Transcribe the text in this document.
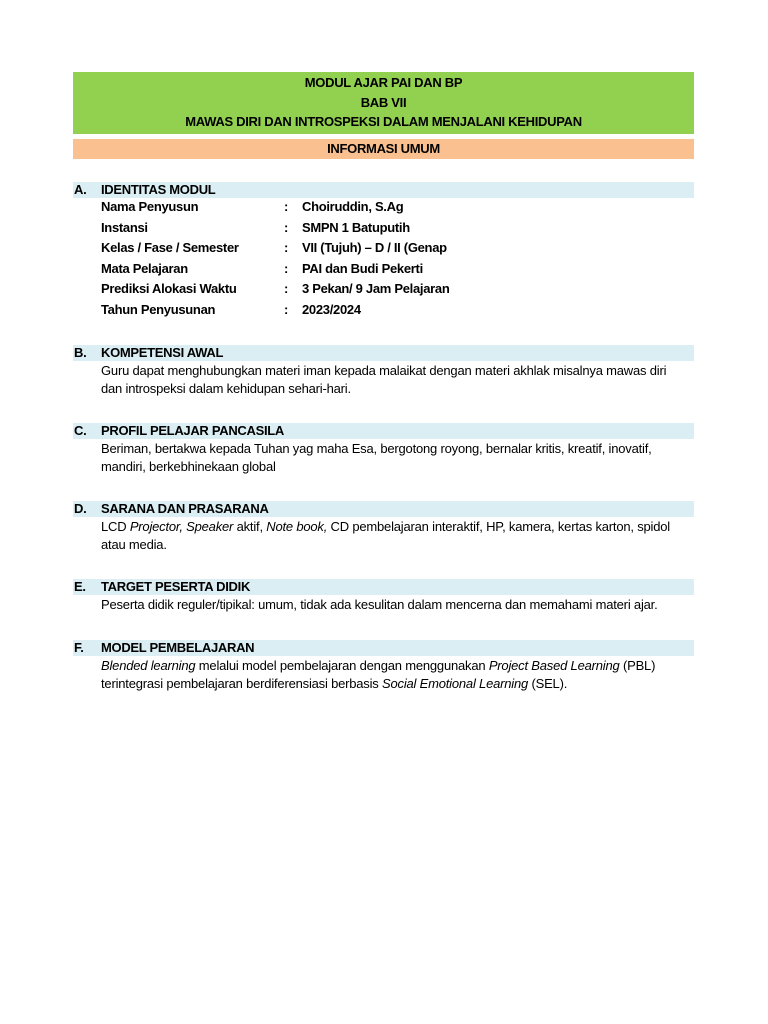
MODUL AJAR PAI DAN BP
BAB VII
MAWAS DIRI DAN INTROSPEKSI DALAM MENJALANI KEHIDUPAN
INFORMASI UMUM
A. IDENTITAS MODUL
Nama Penyusun	: Choiruddin, S.Ag
Instansi	: SMPN 1 Batuputih
Kelas / Fase / Semester	: VII (Tujuh) – D / II (Genap
Mata Pelajaran	: PAI dan Budi Pekerti
Prediksi Alokasi Waktu	: 3 Pekan/ 9 Jam Pelajaran
Tahun Penyusunan	: 2023/2024
B. KOMPETENSI AWAL
Guru dapat menghubungkan materi iman kepada malaikat dengan materi akhlak misalnya mawas diri
dan introspeksi dalam kehidupan sehari-hari.
C. PROFIL PELAJAR PANCASILA
Beriman, bertakwa kepada Tuhan yag maha Esa, bergotong royong, bernalar kritis, kreatif, inovatif,
mandiri, berkebhinekaan global
D. SARANA DAN PRASARANA
LCD Projector, Speaker aktif, Note book, CD pembelajaran interaktif, HP, kamera, kertas karton, spidol
atau media.
E. TARGET PESERTA DIDIK
Peserta didik reguler/tipikal: umum, tidak ada kesulitan dalam mencerna dan memahami materi ajar.
F. MODEL PEMBELAJARAN
Blended learning melalui model pembelajaran dengan menggunakan Project Based Learning (PBL)
terintegrasi pembelajaran berdiferensiasi berbasis Social Emotional Learning (SEL).
